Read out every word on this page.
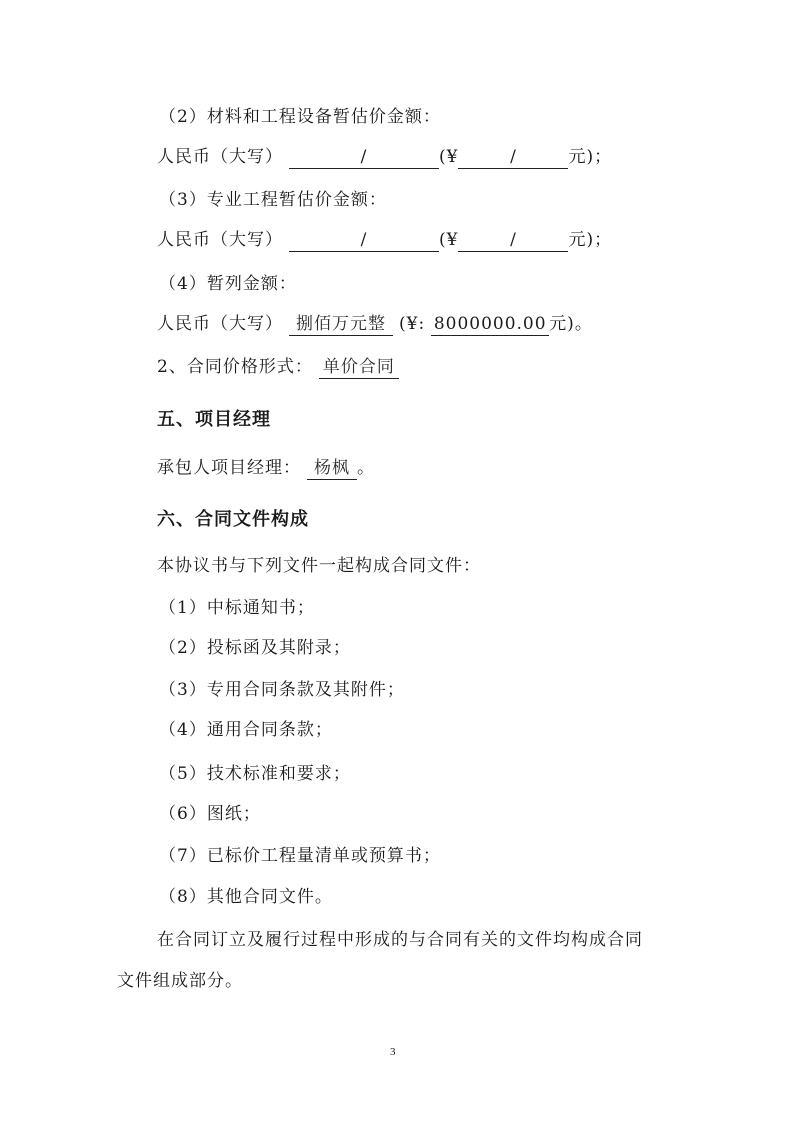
（2）材料和工程设备暂估价金额：
人民币（大写）	/	(¥	/	元)；
（3）专业工程暂估价金额：
人民币（大写）	/	(¥	/	元)；
（4）暂列金额：
人民币（大写） 捌佰万元整 (¥: 8000000.00 元)。
2、合同价格形式： 单价合同
五、项目经理
承包人项目经理： 杨枫 。
六、合同文件构成
本协议书与下列文件一起构成合同文件：
（1）中标通知书；
（2）投标函及其附录；
（3）专用合同条款及其附件；
（4）通用合同条款；
（5）技术标准和要求；
（6）图纸；
（7）已标价工程量清单或预算书；
（8）其他合同文件。
在合同订立及履行过程中形成的与合同有关的文件均构成合同
文件组成部分。
3
